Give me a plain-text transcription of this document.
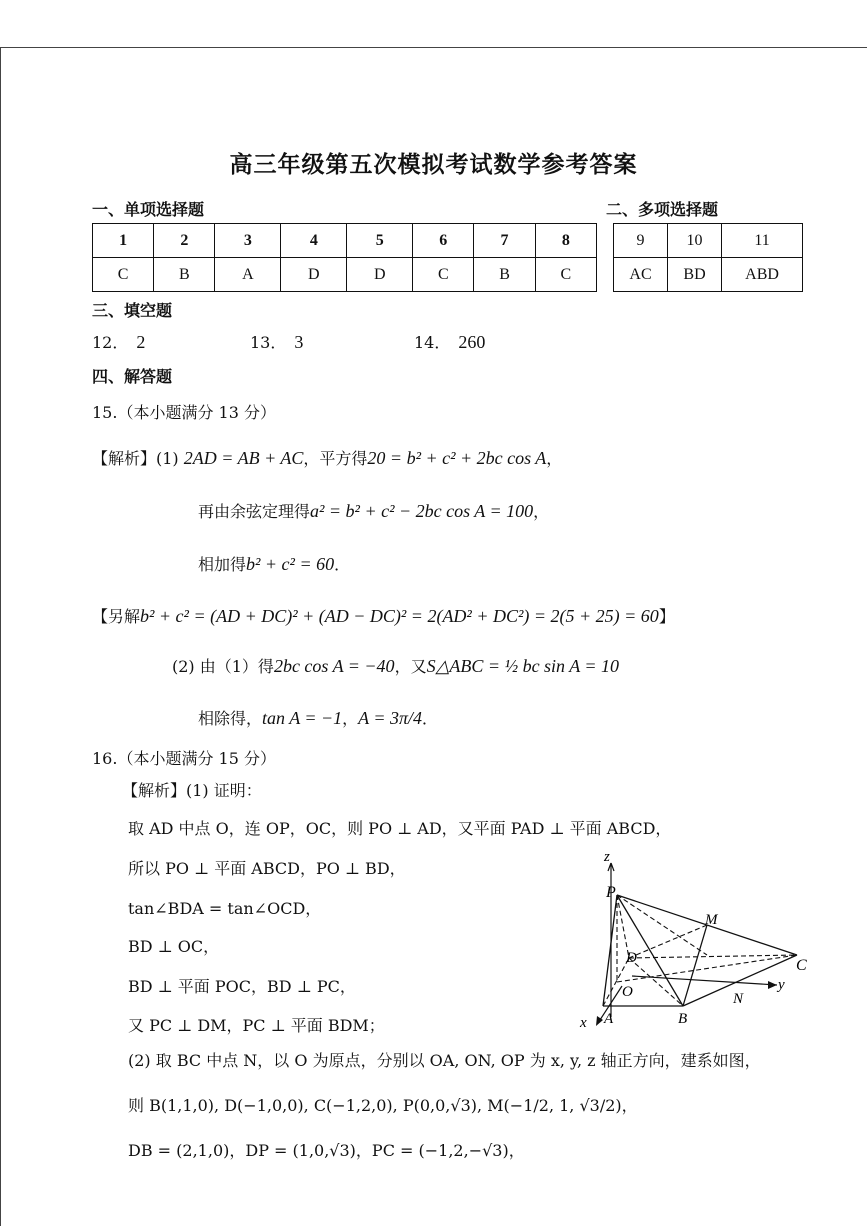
高三年级第五次模拟考试数学参考答案
一、单项选择题	二、多项选择题
1	2	3	4	5	6	7	8
C	B	A	D	D	C	B	C
9	10	11
AC	BD	ABD
三、填空题
12． 2	13． 3	14． 260
四、解答题
15.（本小题满分 13 分）
【解析】(1) 2AD = AB + AC，平方得20 = b² + c² + 2bc cos A，
再由余弦定理得a² = b² + c² − 2bc cos A = 100，
相加得b² + c² = 60．
【另解b² + c² = (AD + DC)² + (AD − DC)² = 2(AD² + DC²) = 2(5 + 25) = 60】
(2) 由（1）得2bc cos A = −40，又S△ABC = ½ bc sin A = 10
相除得，tan A = −1，A = 3π/4．
16.（本小题满分 15 分）
【解析】(1) 证明：
取 AD 中点 O，连 OP，OC，则 PO ⊥ AD，又平面 PAD ⊥ 平面 ABCD，
所以 PO ⊥ 平面 ABCD，PO ⊥ BD，
tan∠BDA = tan∠OCD，
BD ⊥ OC，
BD ⊥ 平面 POC，BD ⊥ PC，
又 PC ⊥ DM，PC ⊥ 平面 BDM；
(2) 取 BC 中点 N，以 O 为原点，分别以 OA, ON, OP 为 x, y, z 轴正方向，建系如图，
则 B(1,1,0), D(−1,0,0), C(−1,2,0), P(0,0,√3), M(−1/2, 1, √3/2)，
DB = (2,1,0)，DP = (1,0,√3)，PC = (−1,2,−√3)，
z
P
M
D	C
O	y
N
x A	B
